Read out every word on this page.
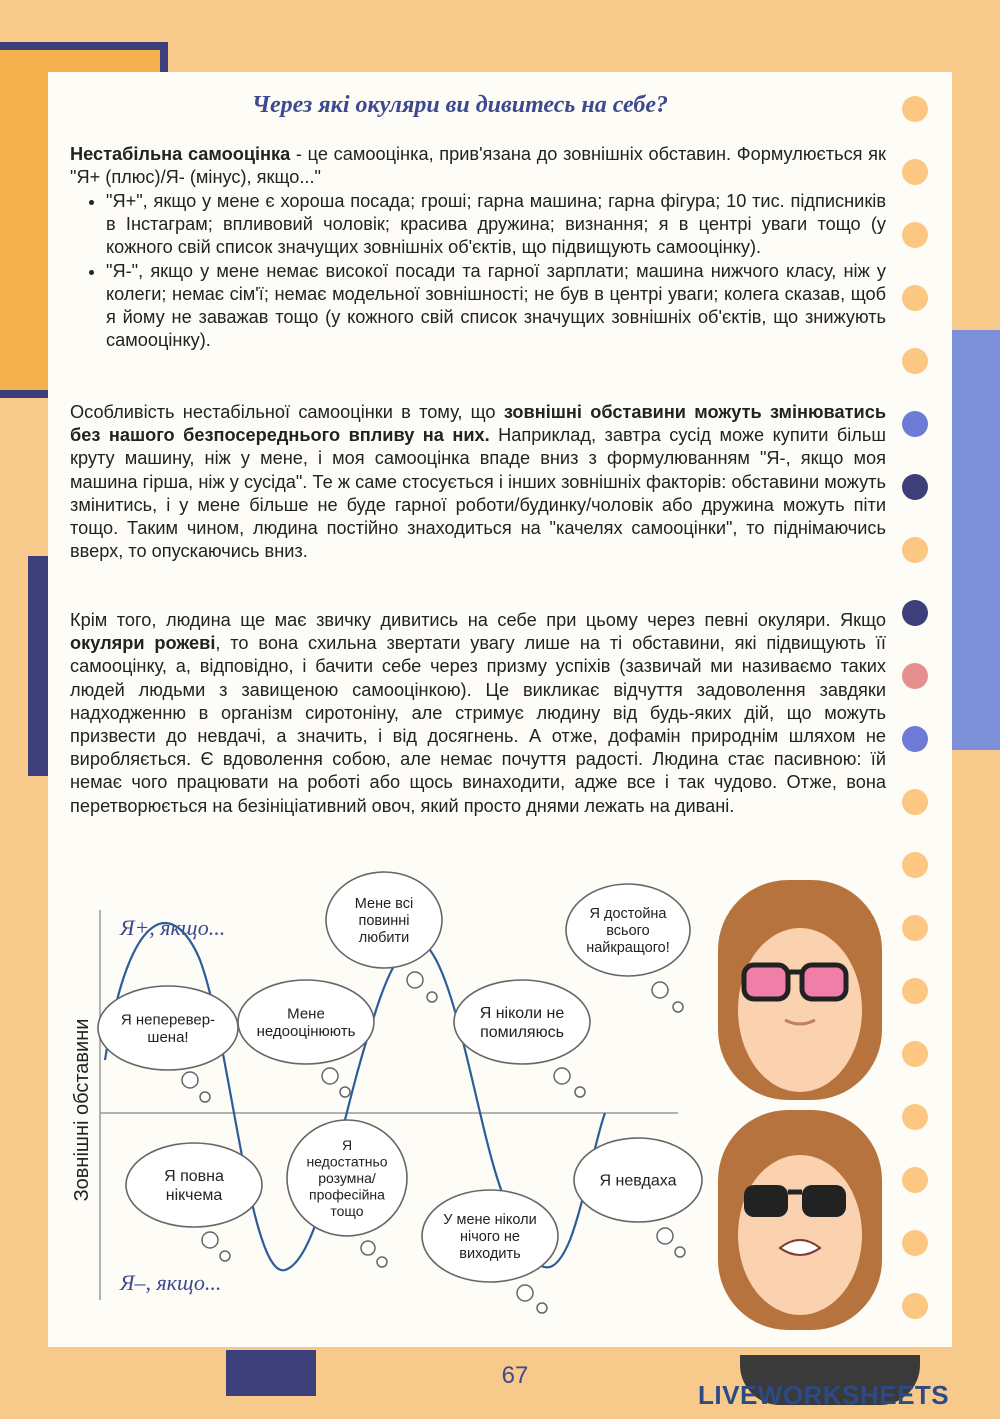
Через які окуляри ви дивитесь на себе?

Нестабільна самооцінка - це самооцінка, прив'язана до зовнішніх обставин. Формулюється як "Я+ (плюс)/Я- (мінус), якщо..."

• "Я+", якщо у мене є хороша посада; гроші; гарна машина; гарна фігура; 10 тис. підписників в Інстаграм; впливовий чоловік; красива дружина; визнання; я в центрі уваги тощо (у кожного свій список значущих зовнішніх об'єктів, що підвищують самооцінку).
• "Я-", якщо у мене немає високої посади та гарної зарплати; машина нижчого класу, ніж у колеги; немає сім'ї; немає модельної зовнішності; не був в центрі уваги; колега сказав, щоб я йому не заважав тощо (у кожного свій список значущих зовнішніх об'єктів, що знижують самооцінку).

Особливість нестабільної самооцінки в тому, що зовнішні обставини можуть змінюватись без нашого безпосереднього впливу на них. Наприклад, завтра сусід може купити більш круту машину, ніж у мене, і моя самооцінка впаде вниз з формулюванням "Я-, якщо моя машина гірша, ніж у сусіда". Те ж саме стосується і інших зовнішніх факторів: обставини можуть змінитись, і у мене більше не буде гарної роботи/будинку/чоловік або дружина можуть піти тощо. Таким чином, людина постійно знаходиться на "качелях самооцінки", то піднімаючись вверх, то опускаючись вниз.

Крім того, людина ще має звичку дивитись на себе при цьому через певні окуляри. Якщо окуляри рожеві, то вона схильна звертати увагу лише на ті обставини, які підвищують її самооцінку, а, відповідно, і бачити себе через призму успіхів (зазвичай ми називаємо таких людей людьми з завищеною самооцінкою). Це викликає відчуття задоволення завдяки надходженню в організм сиротоніну, але стримує людину від будь-яких дій, що можуть призвести до невдачі, а значить, і від досягнень. А отже, дофамін природнім шляхом не виробляється. Є вдоволення собою, але немає почуття радості. Людина стає пасивною: їй немає чого працювати на роботі або щось винаходити, адже все і так чудово. Отже, вона перетворюється на безініціативний овоч, який просто днями лежать на дивані.

Зовнішні обставини
Я+, якщо...
Я–, якщо...
Я неперевер-
шена!
Мене
недооцінюють
Мене всі
повинні
любити
Я ніколи не
помиляюсь
Я достойна
всього
найкращого!
Я повна
нікчема
Я
недостатньо
розумна/
професійна
тощо
У мене ніколи
нічого не
виходить
Я невдаха
67
LIVEWORKSHEETS
